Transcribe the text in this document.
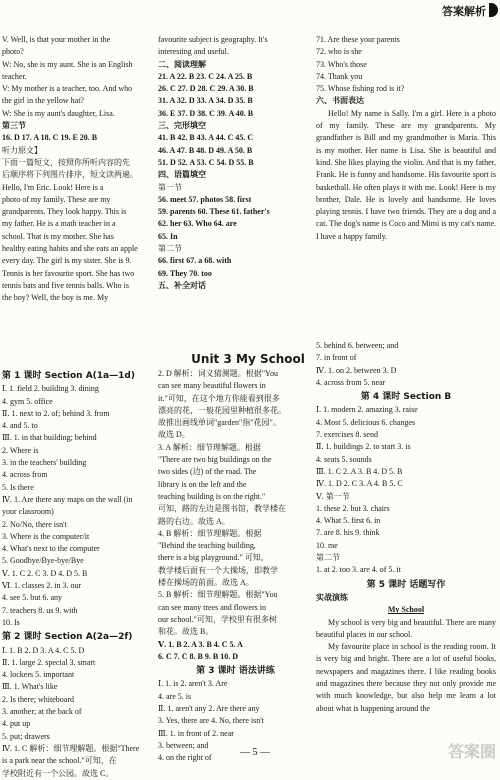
答案解析
V. Well, is that your mother in the
photo?
W: No, she is my aunt. She is an English
teacher.
V: My mother is a teacher, too. And who
the girl in the yellow hat?
W: She is my aunt's daughter, Lisa.
第三节
16. D 17. A 18. C 19. E 20. B
听力原文】
下面一篇短文，按照你所听内容的先
后顺序将下列图片排序，短文读两遍。
Hello, I'm Eric. Look! Here is a
photo of my family. These are my
grandparents. They look happy. This is
my father. He is a math teacher in a
school. That is my mother. She has
healthy eating habits and she eats an apple
every day. The girl is my sister. She is 9.
Tennis is her favourite sport. She has two
tennis bats and five tennis balls. Who is
the boy? Well, the boy is me. My
favourite subject is geography. It's
interesting and useful.
二、阅读理解
21. A 22. B 23. C 24. A 25. B
26. C 27. D 28. C 29. A 30. B
31. A 32. D 33. A 34. D 35. B
36. E 37. D 38. C 39. A 40. B
三、完形填空
41. B 42. B 43. A 44. C 45. C
46. A 47. B 48. D 49. A 50. B
51. D 52. A 53. C 54. D 55. B
四、语篇填空
第一节
56. meet 57. photos 58. first
59. parents 60. These 61. father's
62. her 63. Who 64. are
65. In
第二节
66. first 67. a 68. with
69. They 70. too
五、补全对话
71. Are these your parents
72. who is she
73. Who's those
74. Thank you
75. Whose fishing rod is it?
六、书面表达
Hello! My name is Sally. I'm a girl. Here is a photo of my family. These are my grandparents. My grandfather is Bill and my grandmother is Maria. This is my mother. Her name is Lisa. She is beautiful and kind. She likes playing the violin. And that is my father, Frank. He is funny and handsome. His favourite sport is basketball. He often plays it with me. Look! Here is my brother, Dale. He is lovely and handsome. He loves playing tennis. I have two friends. They are a dog and a cat. The dog's name is Coco and Mimi is my cat's name. I have a happy family.
Unit 3 My School
第 1 课时 Section A(1a—1d)
Ⅰ. 1. field 2. building 3. dining
4. gym 5. office
Ⅱ. 1. next to 2. of; behind 3. from
4. and 5. to
Ⅲ. 1. in that building; behind
2. Where is
3. in the teachers' building
4. across from
5. Is there
Ⅳ. 1. Are there any maps on the wall (in
your classroom)
2. No/No, there isn't
3. Where is the computer/it
4. What's next to the computer
5. Goodbye/Bye-bye/Bye
Ⅴ. 1. C 2. C 3. D 4. D 5. B
Ⅵ. 1. classes 2. in 3. our
4. see 5. but 6. any
7. teachers 8. us 9. with
10. Is
第 2 课时 Section A(2a—2f)
Ⅰ. 1. B 2. D 3. A 4. C 5. D
Ⅱ. 1. large 2. special 3. smart
4. lockers 5. important
Ⅲ. 1. What's like
2. Is there; whiteboard
3. another; at the back of
4. put up
5. put; drawers
Ⅳ. 1. C 解析：细节理解题。根据"There
is a park near the school."可知，在
学校附近有一个公园。故选 C。
2. D 解析：词义猜测题。根据"You
can see many beautiful flowers in
it."可知，在这个地方你能看到很多
漂亮的花，一般花园里种植很多花。
故推出画线单词"garden"指"花园"。
故选 D。
3. A 解析：细节理解题。根据
"There are two big buildings on the
two sides (边) of the road. The
library is on the left and the
teaching building is on the right."
可知，路的左边是图书馆，教学楼在
路的右边。故选 A。
4. B 解析：细节理解题。根据
"Behind the teaching building,
there is a big playground." 可知，
教学楼后面有一个大操场，即教学
楼在操场的前面。故选 A。
5. B 解析：细节理解题。根据"You
can see many trees and flowers in
our school."可知，学校里有很多树
和花。故选 B。
Ⅴ. 1. B 2. A 3. B 4. C 5. A
6. C 7. C 8. B 9. B 10. D
第 3 课时 语法讲练
Ⅰ. 1. is 2. aren't 3. Are
4. are 5. is
Ⅱ. 1. aren't any 2. Are there any
3. Yes, there are 4. No, there isn't
Ⅲ. 1. in front of 2. near
3. between; and
4. on the right of
5. behind 6. between; and
7. in front of
Ⅳ. 1. on 2. between 3. D
4. across from 5. near
第 4 课时 Section B
Ⅰ. 1. modern 2. amazing 3. raise
4. Most 5. delicious 6. changes
7. exercises 8. send
Ⅱ. 1. buildings 2. to start 3. is
4. seats 5. sounds
Ⅲ. 1. C 2. A 3. B 4. D 5. B
Ⅳ. 1. D 2. C 3. A 4. B 5. C
Ⅴ. 第一节
1. these 2. but 3. chairs
4. What 5. first 6. in
7. are 8. his 9. think
10. me
第二节
1. at 2. too 3. are 4. of 5. it
第 5 课时 话题写作
实战演练
My School
My school is very big and beautiful. There are many beautiful places in our school.
My favourite place in school is the reading room. It is very big and bright. There are a lot of useful books, newspapers and magazines there. I like reading books and magazines there because they not only provide me with much knowledge, but also help me learn a lot about what is happening around the
— 5 —	答案圈
